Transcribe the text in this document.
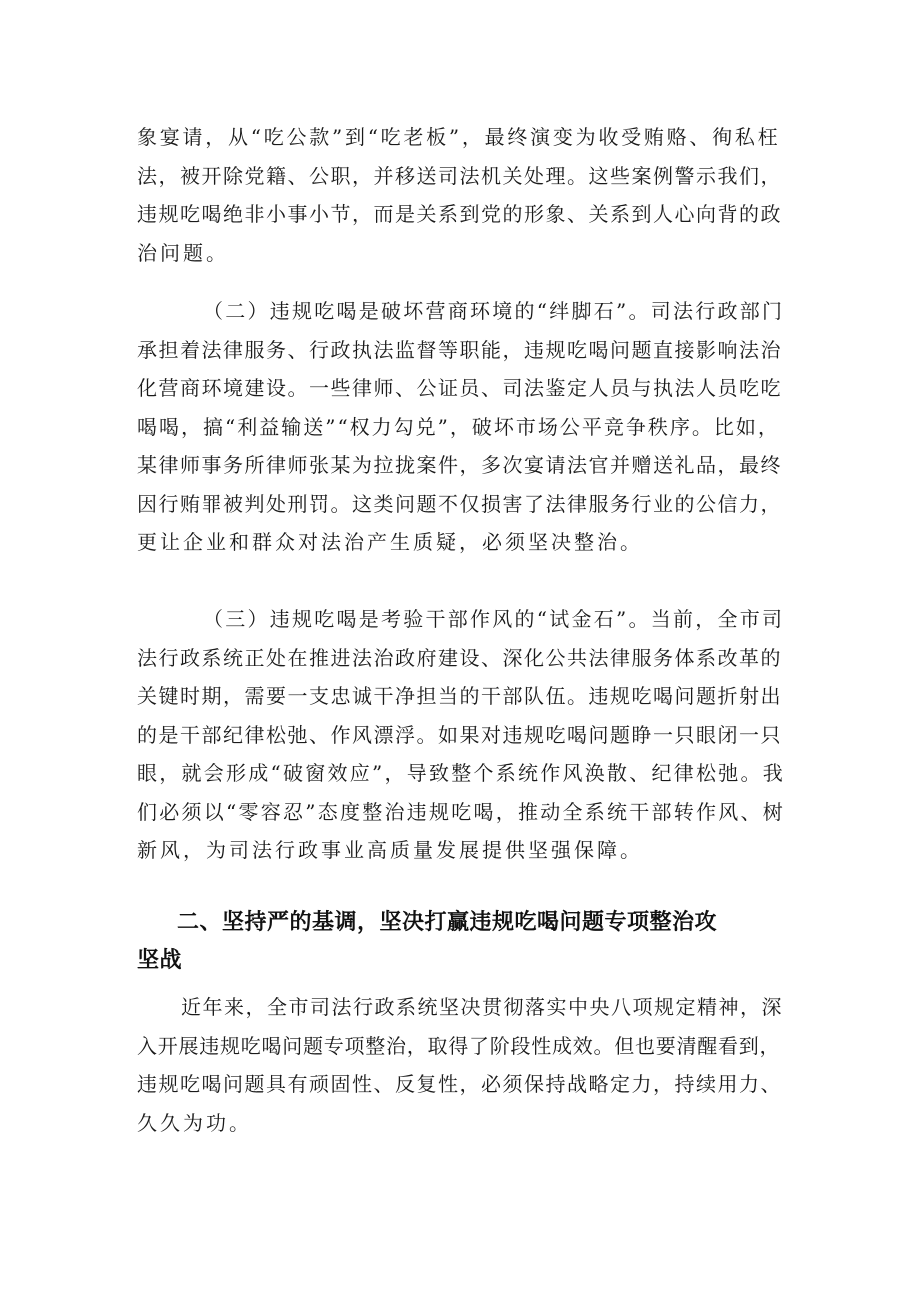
象宴请，从“吃公款”到“吃老板”，最终演变为收受贿赂、徇私枉
法，被开除党籍、公职，并移送司法机关处理。这些案例警示我们，
违规吃喝绝非小事小节，而是关系到党的形象、关系到人心向背的政
治问题。
（二）违规吃喝是破坏营商环境的“绊脚石”。司法行政部门
承担着法律服务、行政执法监督等职能，违规吃喝问题直接影响法治
化营商环境建设。一些律师、公证员、司法鉴定人员与执法人员吃吃
喝喝，搞“利益输送”“权力勾兑”，破坏市场公平竞争秩序。比如，
某律师事务所律师张某为拉拢案件，多次宴请法官并赠送礼品，最终
因行贿罪被判处刑罚。这类问题不仅损害了法律服务行业的公信力，
更让企业和群众对法治产生质疑，必须坚决整治。
（三）违规吃喝是考验干部作风的“试金石”。当前，全市司
法行政系统正处在推进法治政府建设、深化公共法律服务体系改革的
关键时期，需要一支忠诚干净担当的干部队伍。违规吃喝问题折射出
的是干部纪律松弛、作风漂浮。如果对违规吃喝问题睁一只眼闭一只
眼，就会形成“破窗效应”，导致整个系统作风涣散、纪律松弛。我
们必须以“零容忍”态度整治违规吃喝，推动全系统干部转作风、树
新风，为司法行政事业高质量发展提供坚强保障。
二、坚持严的基调，坚决打赢违规吃喝问题专项整治攻
坚战
近年来，全市司法行政系统坚决贯彻落实中央八项规定精神，深
入开展违规吃喝问题专项整治，取得了阶段性成效。但也要清醒看到，
违规吃喝问题具有顽固性、反复性，必须保持战略定力，持续用力、
久久为功。
